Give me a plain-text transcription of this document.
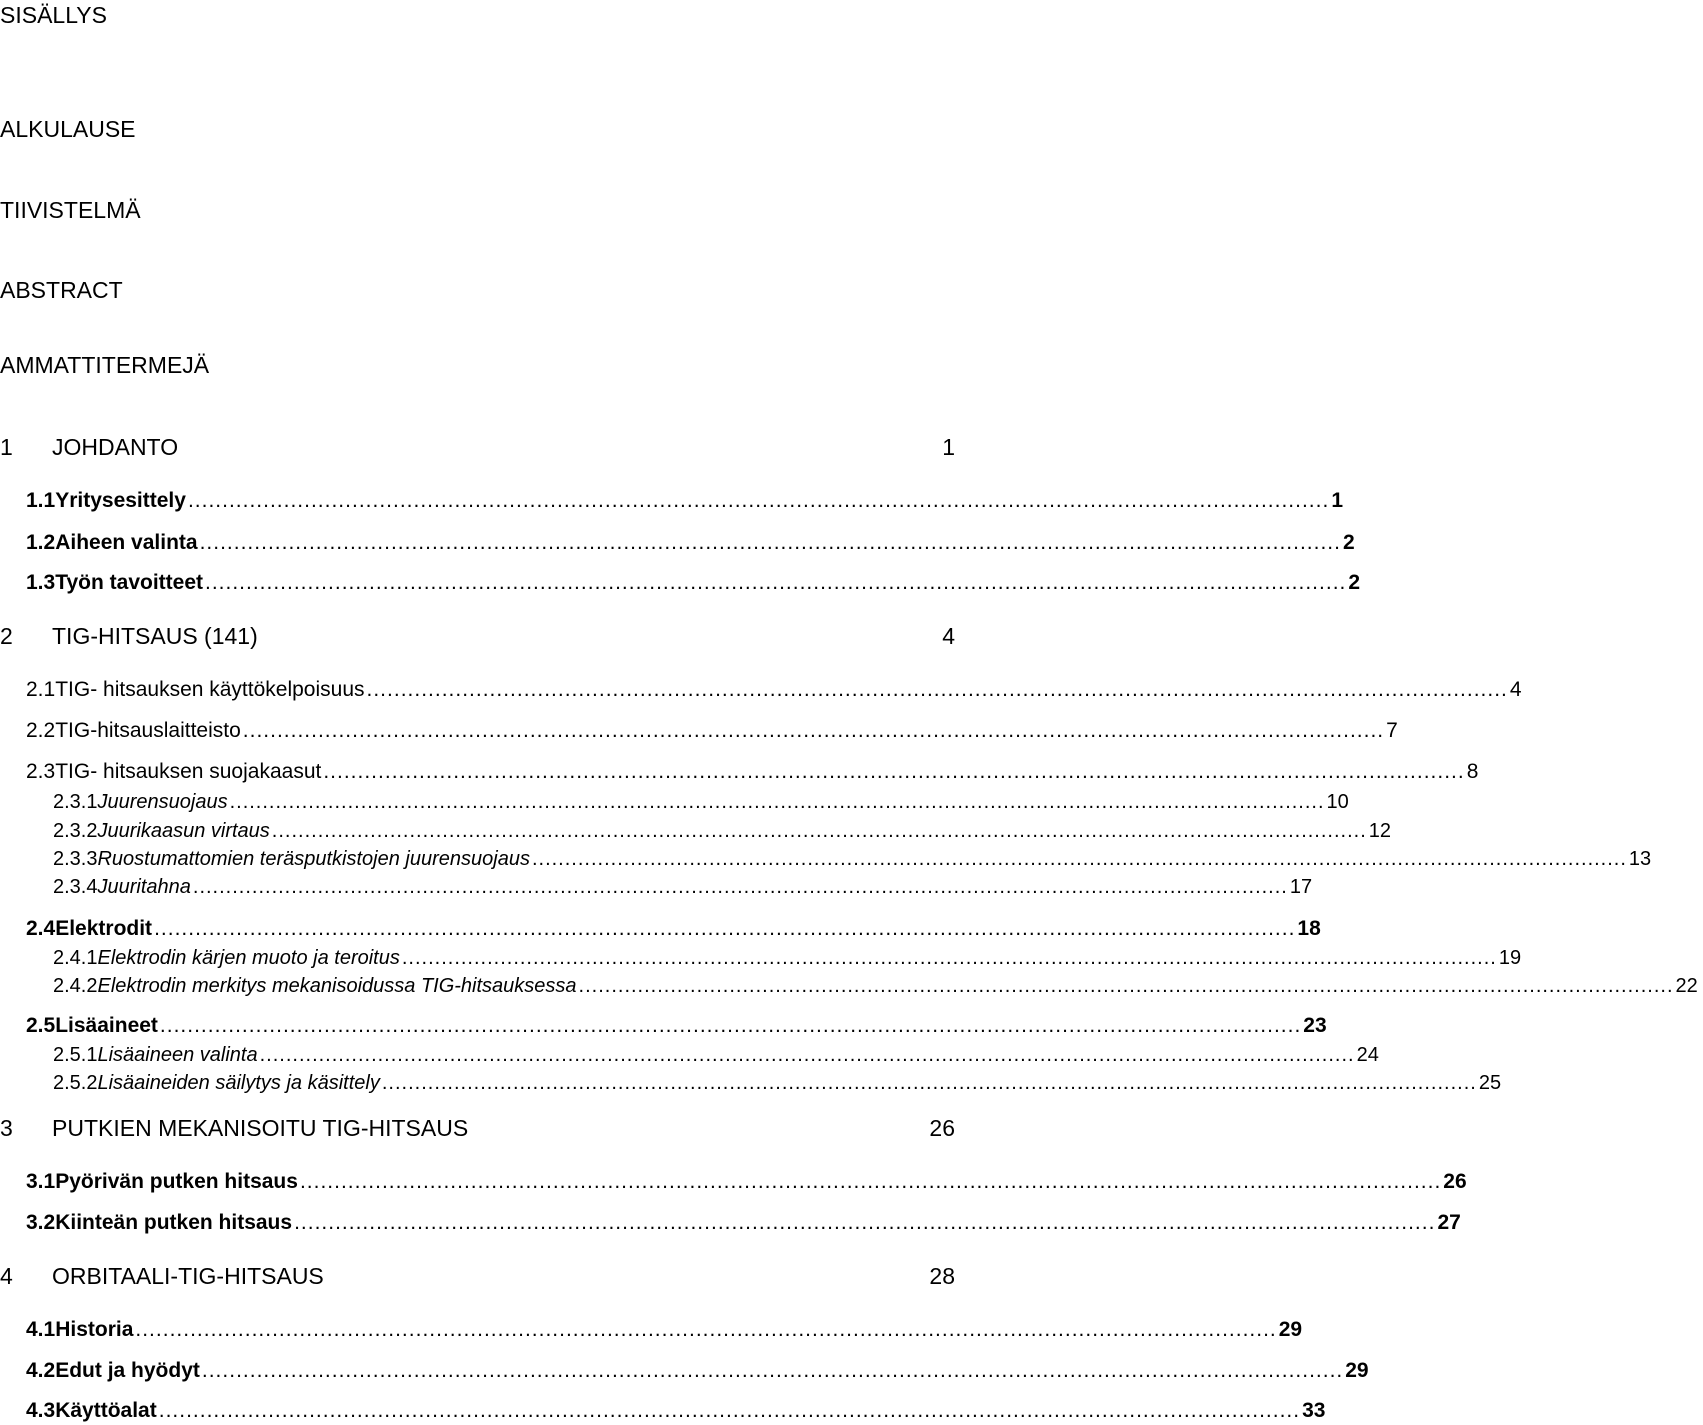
SISÄLLYS
ALKULAUSE
TIIVISTELMÄ
ABSTRACT
AMMATTITERMEJÄ
1	JOHDANTO	1
1.1 Yritysesittely ....................................................................................................................................................................... 1
1.2 Aiheen valinta ....................................................................................................................................................................... 2
1.3 Työn tavoitteet ....................................................................................................................................................................... 2
2	TIG-HITSAUS (141)	4
2.1 TIG- hitsauksen käyttökelpoisuus ....................................................................................................................................................................... 4
2.2 TIG-hitsauslaitteisto ....................................................................................................................................................................... 7
2.3 TIG- hitsauksen suojakaasut ....................................................................................................................................................................... 8
2.3.1 Juurensuojaus ....................................................................................................................................................................... 10
2.3.2 Juurikaasun virtaus ....................................................................................................................................................................... 12
2.3.3 Ruostumattomien teräsputkistojen juurensuojaus ....................................................................................................................................................................... 13
2.3.4 Juuritahna ....................................................................................................................................................................... 17
2.4 Elektrodit ....................................................................................................................................................................... 18
2.4.1 Elektrodin kärjen muoto ja teroitus ....................................................................................................................................................................... 19
2.4.2 Elektrodin merkitys mekanisoidussa TIG-hitsauksessa ....................................................................................................................................................................... 22
2.5 Lisäaineet ....................................................................................................................................................................... 23
2.5.1 Lisäaineen valinta ....................................................................................................................................................................... 24
2.5.2 Lisäaineiden säilytys ja käsittely ....................................................................................................................................................................... 25
3	PUTKIEN MEKANISOITU TIG-HITSAUS	26
3.1 Pyörivän putken hitsaus ....................................................................................................................................................................... 26
3.2 Kiinteän putken hitsaus ....................................................................................................................................................................... 27
4	ORBITAALI-TIG-HITSAUS	28
4.1 Historia ....................................................................................................................................................................... 29
4.2 Edut ja hyödyt ....................................................................................................................................................................... 29
4.3 Käyttöalat ....................................................................................................................................................................... 33
